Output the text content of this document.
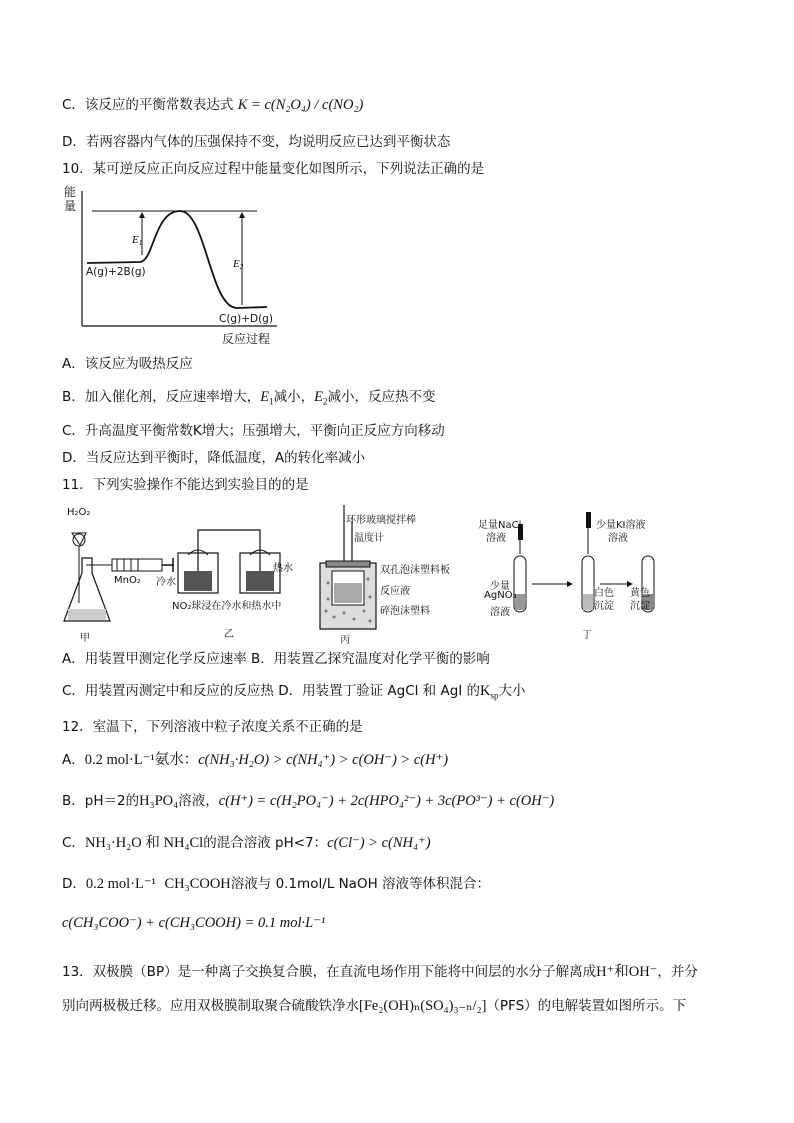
C．该反应的平衡常数表达式 K = c(N₂O₄) / c(NO₂)
D．若两容器内气体的压强保持不变，均说明反应已达到平衡状态
10．某可逆反应正向反应过程中能量变化如图所示，下列说法正确的是
E1
E2
能
量
A(g)+2B(g)
C(g)+D(g)
反应过程
A．该反应为吸热反应
B．加入催化剂，反应速率增大，$E_1$减小，$E_2$减小，反应热不变
C．升高温度平衡常数K增大；压强增大，平衡向正反应方向移动
D．当反应达到平衡时，降低温度，A的转化率减小
11．下列实验操作不能达到实验目的的是
H₂O₂
MnO₂
甲
冷水
热水
NO₂球浸在冷水和热水中
乙
环形玻璃搅拌棒
温度计
双孔泡沫塑料板
反应液
碎泡沫塑料
丙
足量NaCl
溶液
少量KI溶液
溶液
少量
AgNO₃
溶液
白色
沉淀
黄色
沉淀
丁
A．用装置甲测定化学反应速率 B．用装置乙探究温度对化学平衡的影响
C．用装置丙测定中和反应的反应热 D．用装置丁验证 AgCl 和 AgI 的$K_{sp}$大小
12．室温下，下列溶液中粒子浓度关系不正确的是
A．0.2 mol·L⁻¹氨水：c(NH₃·H₂O) > c(NH₄⁺) > c(OH⁻) > c(H⁺)
B．pH＝2的H₃PO₄溶液，c(H⁺) = c(H₂PO₄⁻) + 2c(HPO₄²⁻) + 3c(PO³⁻) + c(OH⁻)
C．NH₃·H₂O 和 NH₄Cl的混合溶液 pH<7：c(Cl⁻) > c(NH₄⁺)
D．0.2 mol·L⁻¹ CH₃COOH溶液与 0.1mol/L NaOH 溶液等体积混合：
c(CH₃COO⁻) + c(CH₃COOH) = 0.1 mol·L⁻¹
13．双极膜（BP）是一种离子交换复合膜，在直流电场作用下能将中间层的水分子解离成H⁺和OH⁻，并分
别向两极极迁移。应用双极膜制取聚合硫酸铁净水[Fe₂(OH)ₙ(SO₄)₃₋ₙ/₂]（PFS）的电解装置如图所示。下
